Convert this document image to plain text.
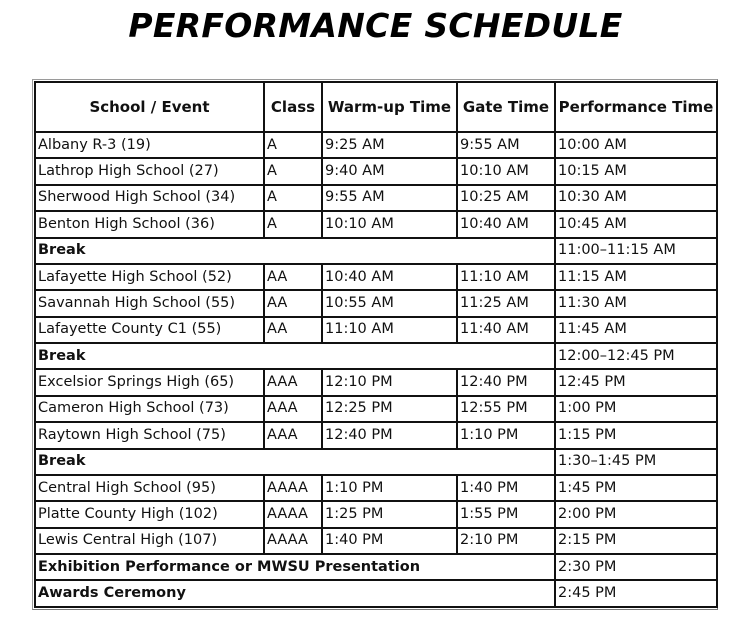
PERFORMANCE SCHEDULE
School / Event	Class	Warm-up Time	Gate Time	Performance Time
Albany R-3 (19)	A	9:25 AM	9:55 AM	10:00 AM
Lathrop High School (27)	A	9:40 AM	10:10 AM	10:15 AM
Sherwood High School (34)	A	9:55 AM	10:25 AM	10:30 AM
Benton High School (36)	A	10:10 AM	10:40 AM	10:45 AM
Break				11:00–11:15 AM
Lafayette High School (52)	AA	10:40 AM	11:10 AM	11:15 AM
Savannah High School (55)	AA	10:55 AM	11:25 AM	11:30 AM
Lafayette County C1 (55)	AA	11:10 AM	11:40 AM	11:45 AM
Break				12:00–12:45 PM
Excelsior Springs High (65)	AAA	12:10 PM	12:40 PM	12:45 PM
Cameron High School (73)	AAA	12:25 PM	12:55 PM	1:00 PM
Raytown High School (75)	AAA	12:40 PM	1:10 PM	1:15 PM
Break				1:30–1:45 PM
Central High School (95)	AAAA	1:10 PM	1:40 PM	1:45 PM
Platte County High (102)	AAAA	1:25 PM	1:55 PM	2:00 PM
Lewis Central High (107)	AAAA	1:40 PM	2:10 PM	2:15 PM
Exhibition Performance or MWSU Presentation				2:30 PM
Awards Ceremony				2:45 PM
